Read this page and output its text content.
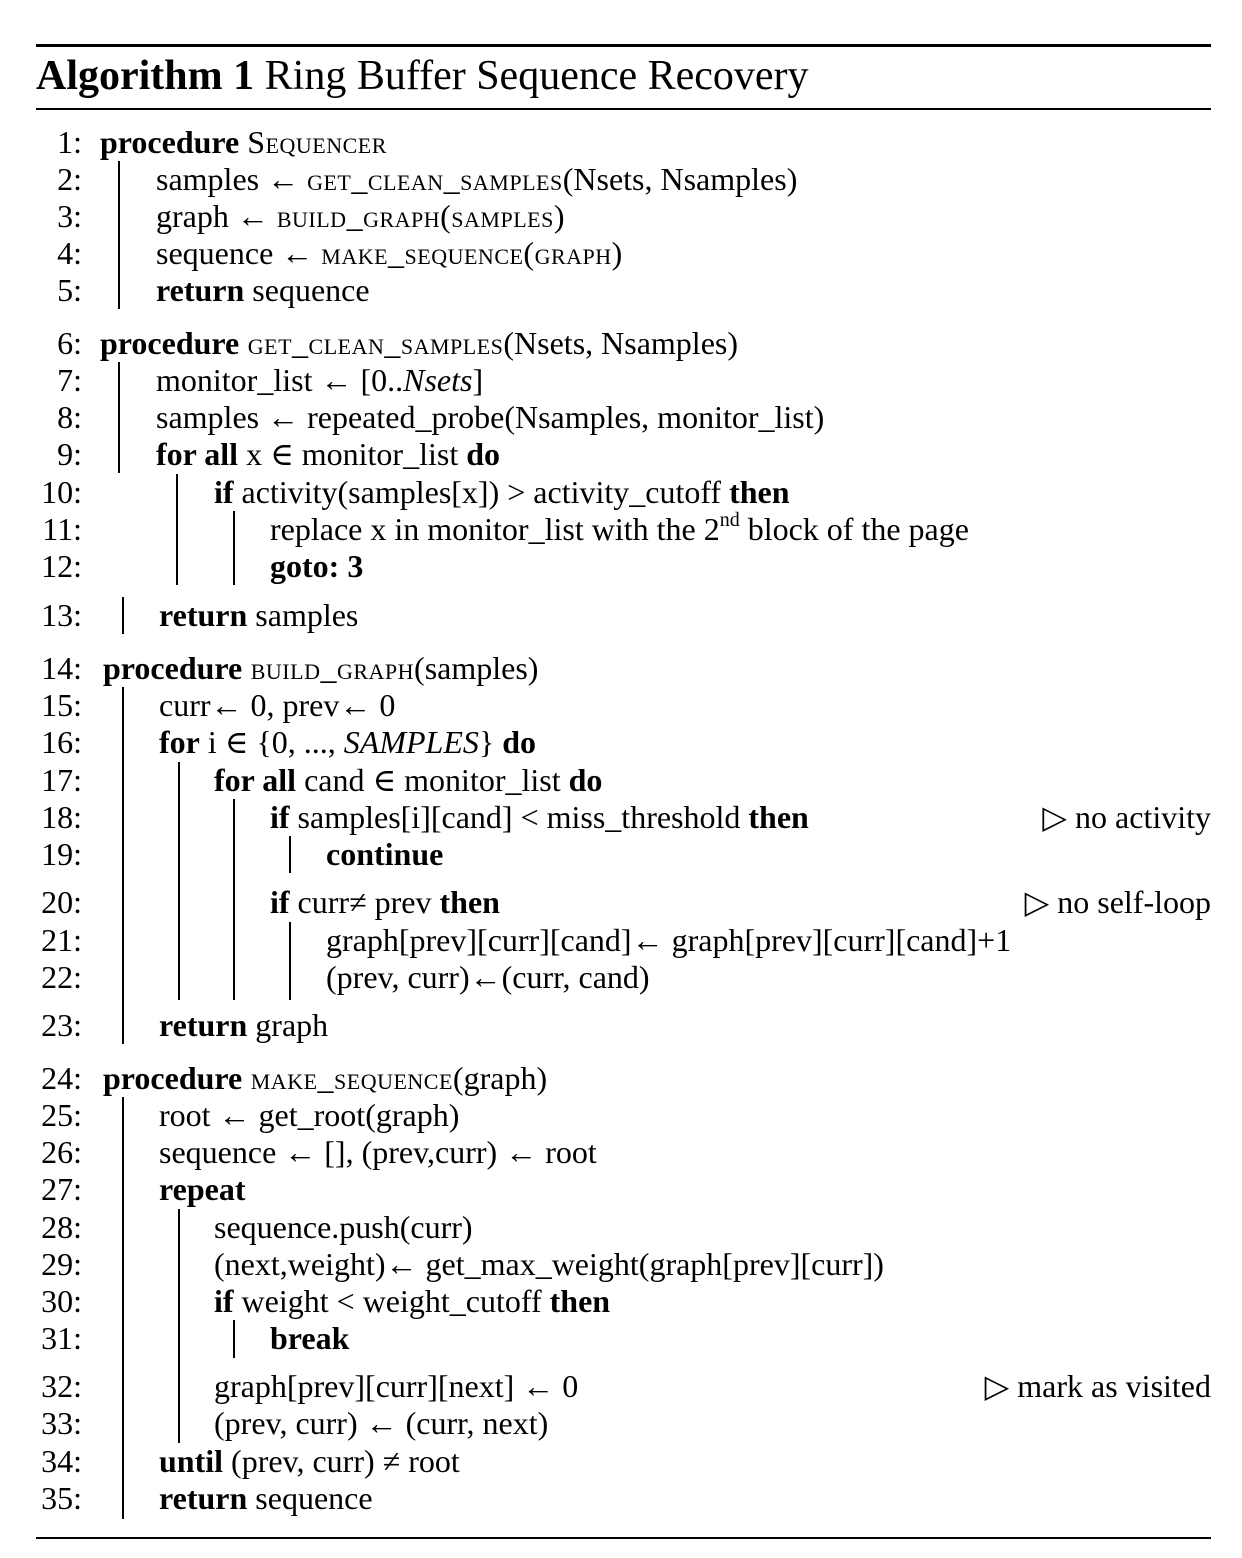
Algorithm 1 Ring Buffer Sequence Recovery
1: procedure Sequencer
2: samples ← get_clean_samples(Nsets, Nsamples)
3: graph ← build_graph(samples)
4: sequence ← make_sequence(graph)
5: return sequence
6: procedure get_clean_samples(Nsets, Nsamples)
7: monitor_list ← [0..Nsets]
8: samples ← repeated_probe(Nsamples, monitor_list)
9: for all x ∈ monitor_list do
10:	if activity(samples[x]) > activity_cutoff then
11:	replace x in monitor_list with the 2nd block of the page
12:	goto: 3
13: return samples
14: procedure build_graph(samples)
15: curr← 0, prev← 0
16: for i ∈ {0, ..., SAMPLES} do
17:	for all cand ∈ monitor_list do
18:	if samples[i][cand] < miss_threshold then	▷ no activity
19:	continue
20:	if curr≠ prev then	▷ no self-loop
21:	graph[prev][curr][cand]← graph[prev][curr][cand]+1
22:	(prev, curr)←(curr, cand)
23: return graph
24: procedure make_sequence(graph)
25: root ← get_root(graph)
26: sequence ← [], (prev,curr) ← root
27: repeat
28:	sequence.push(curr)
29:	(next,weight)← get_max_weight(graph[prev][curr])
30:	if weight < weight_cutoff then
31:	break
32:	graph[prev][curr][next] ← 0	▷ mark as visited
33:	(prev, curr) ← (curr, next)
34: until (prev, curr) ≠ root
35: return sequence
